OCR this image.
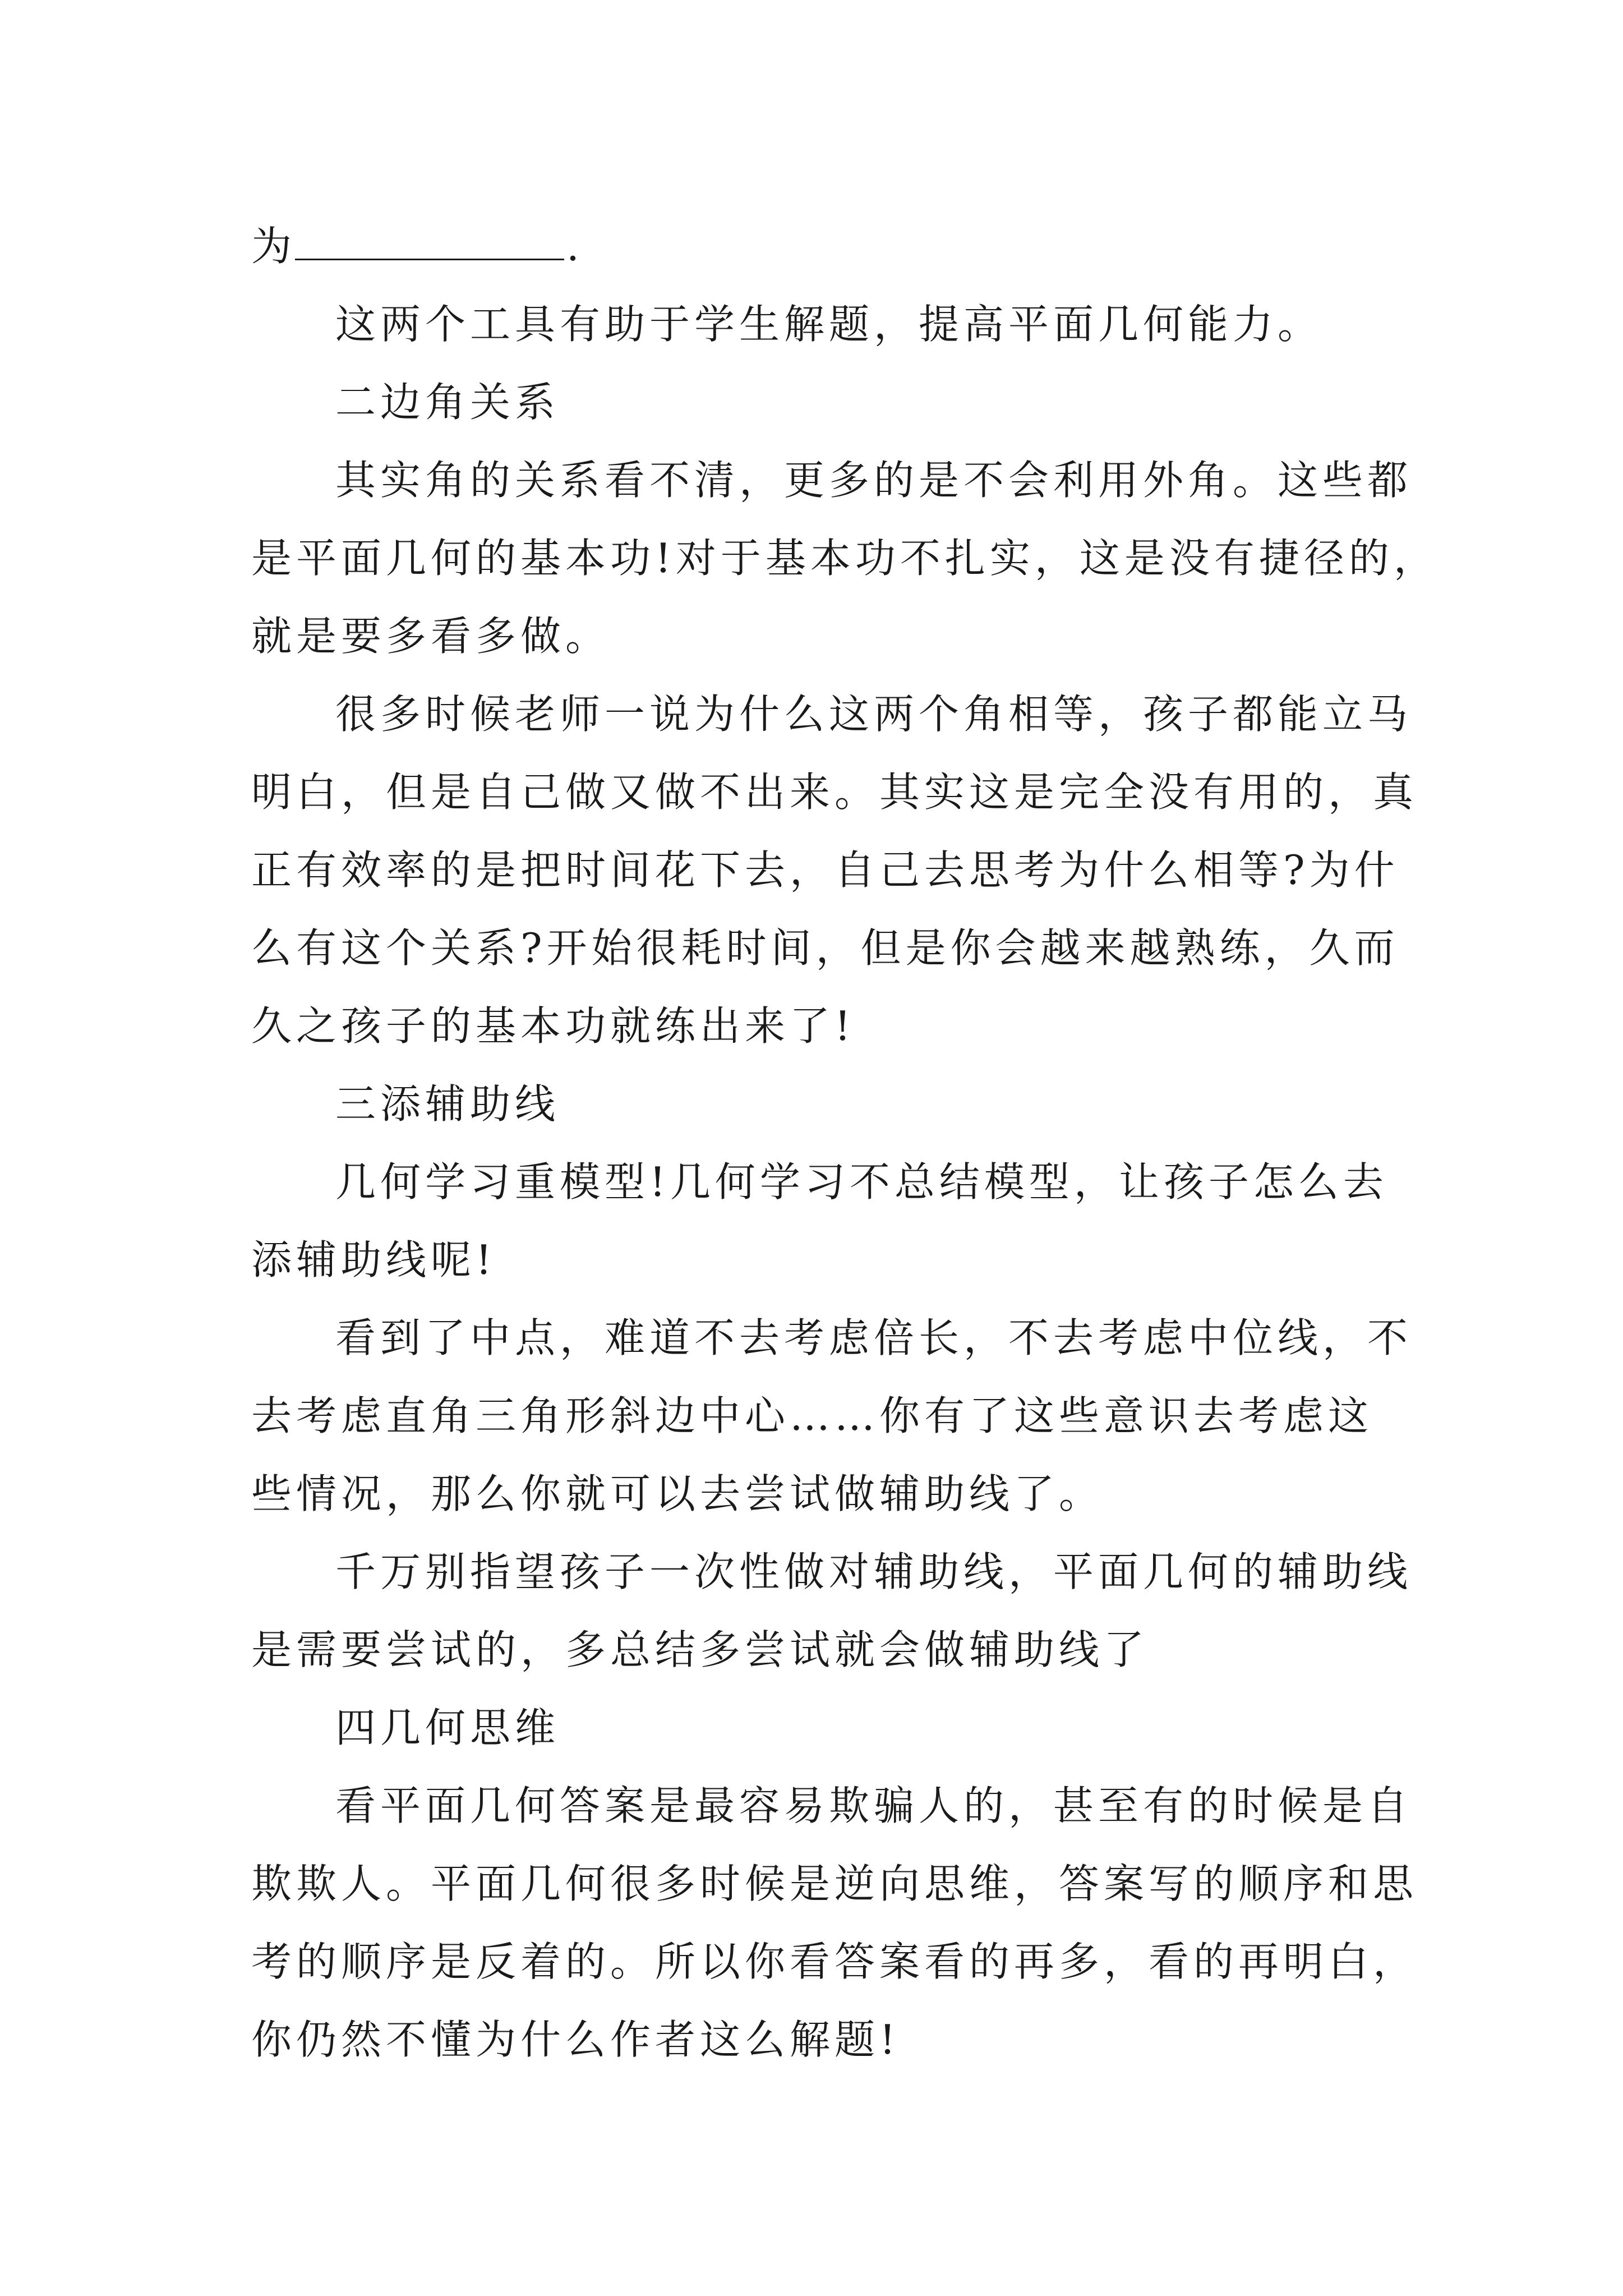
为	.
这两个工具有助于学生解题，提高平面几何能力。
二边角关系
其实角的关系看不清，更多的是不会利用外角。这些都
是平面几何的基本功!对于基本功不扎实，这是没有捷径的，
就是要多看多做。
很多时候老师一说为什么这两个角相等，孩子都能立马
明白，但是自己做又做不出来。其实这是完全没有用的，真
正有效率的是把时间花下去，自己去思考为什么相等?为什
么有这个关系?开始很耗时间，但是你会越来越熟练，久而
久之孩子的基本功就练出来了!
三添辅助线
几何学习重模型!几何学习不总结模型，让孩子怎么去
添辅助线呢!
看到了中点，难道不去考虑倍长，不去考虑中位线，不
去考虑直角三角形斜边中心……你有了这些意识去考虑这
些情况，那么你就可以去尝试做辅助线了。
千万别指望孩子一次性做对辅助线，平面几何的辅助线
是需要尝试的，多总结多尝试就会做辅助线了
四几何思维
看平面几何答案是最容易欺骗人的，甚至有的时候是自
欺欺人。平面几何很多时候是逆向思维，答案写的顺序和思
考的顺序是反着的。所以你看答案看的再多，看的再明白，
你仍然不懂为什么作者这么解题!
